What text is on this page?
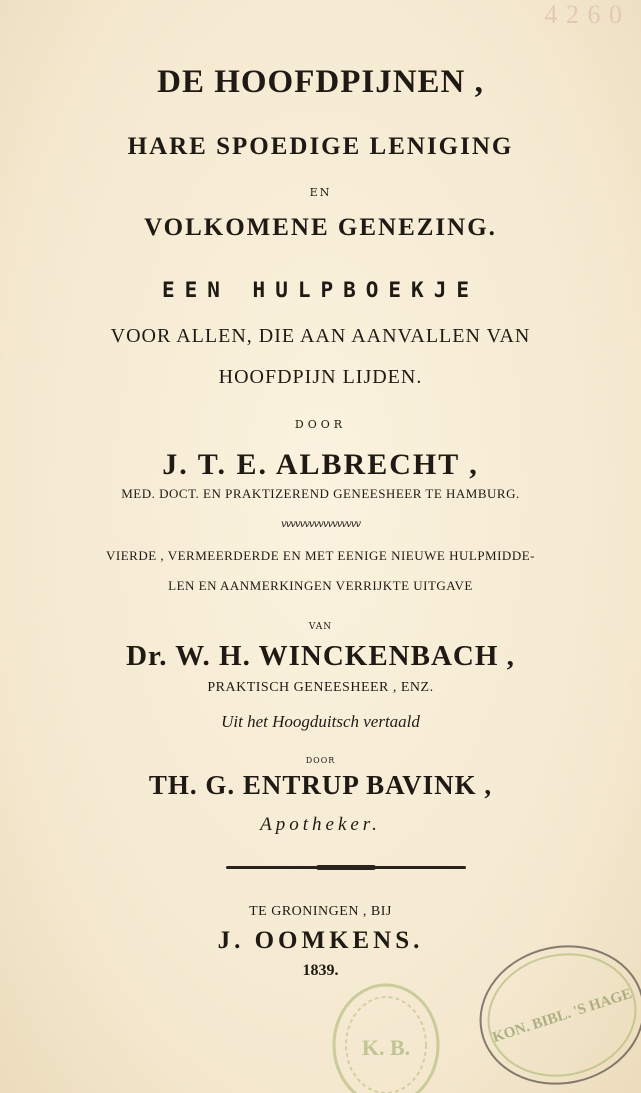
4 2 6 0
DE HOOFDPIJNEN ,
HARE SPOEDIGE LENIGING
EN
VOLKOMENE GENEZING.
EEN HULPBOEKJE
VOOR ALLEN, DIE AAN AANVALLEN VAN
HOOFDPIJN LIJDEN.
DOOR
J. T. E. ALBRECHT ,
MED. DOCT. EN PRAKTIZEREND GENEESHEER TE HAMBURG.
vvvvvvvvvvvvvvvvv
VIERDE , VERMEERDERDE EN MET EENIGE NIEUWE HULPMIDDE-
LEN EN AANMERKINGEN VERRIJKTE UITGAVE
VAN
Dr. W. H. WINCKENBACH ,
PRAKTISCH GENEESHEER , ENZ.
Uit het Hoogduitsch vertaald
DOOR
TH. G. ENTRUP BAVINK ,
Apotheker.
TE GRONINGEN , BIJ
J. OOMKENS.
1839.
K. B.
KON. BIBL. 'S HAGE
